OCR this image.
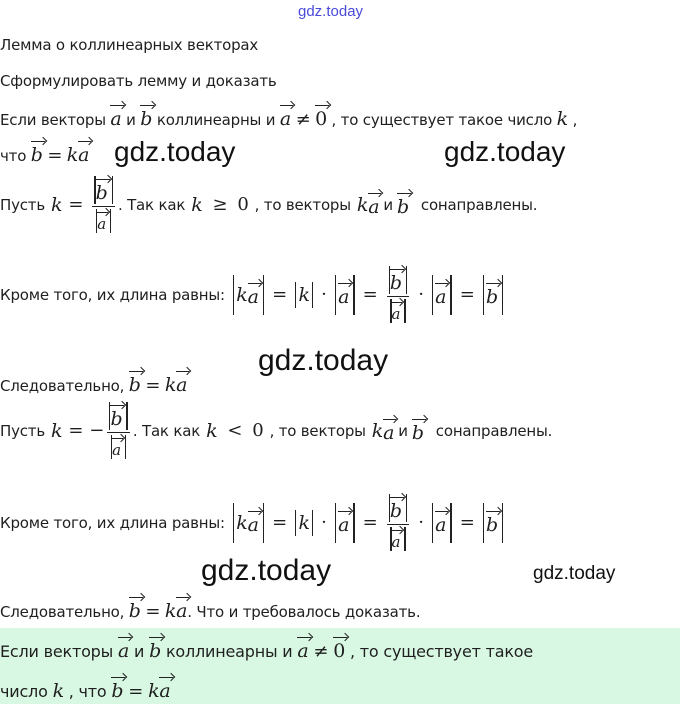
gdz.today
Лемма о коллинеарных векторах
Сформулировать лемму и доказать
Если векторы a и b коллинеарны и a ≠ 0 , то существует такое число k ,
что b = ka gdz.today	gdz.today
Пусть $k = \frac{b}{a}$ . Так как k ≥ 0 , то векторы k a и b сонаправлены.
Кроме того, их длина равны: k $a = k \cdot a = \frac{b}{a} \cdot a = b$
gdz.today
Следовательно, b = ka
Пусть k = − $\frac{b}{a}$ . Так как k < 0 , то векторы k a и b сонаправлены.
Кроме того, их длина равны: k $a = k \cdot a = \frac{b}{a} \cdot a = b$
gdz.today	gdz.today
Следовательно, b = ka. Что и требовалось доказать.
Если векторы a и b коллинеарны и a ≠ 0 , то существует такое
число k , что b = ka
